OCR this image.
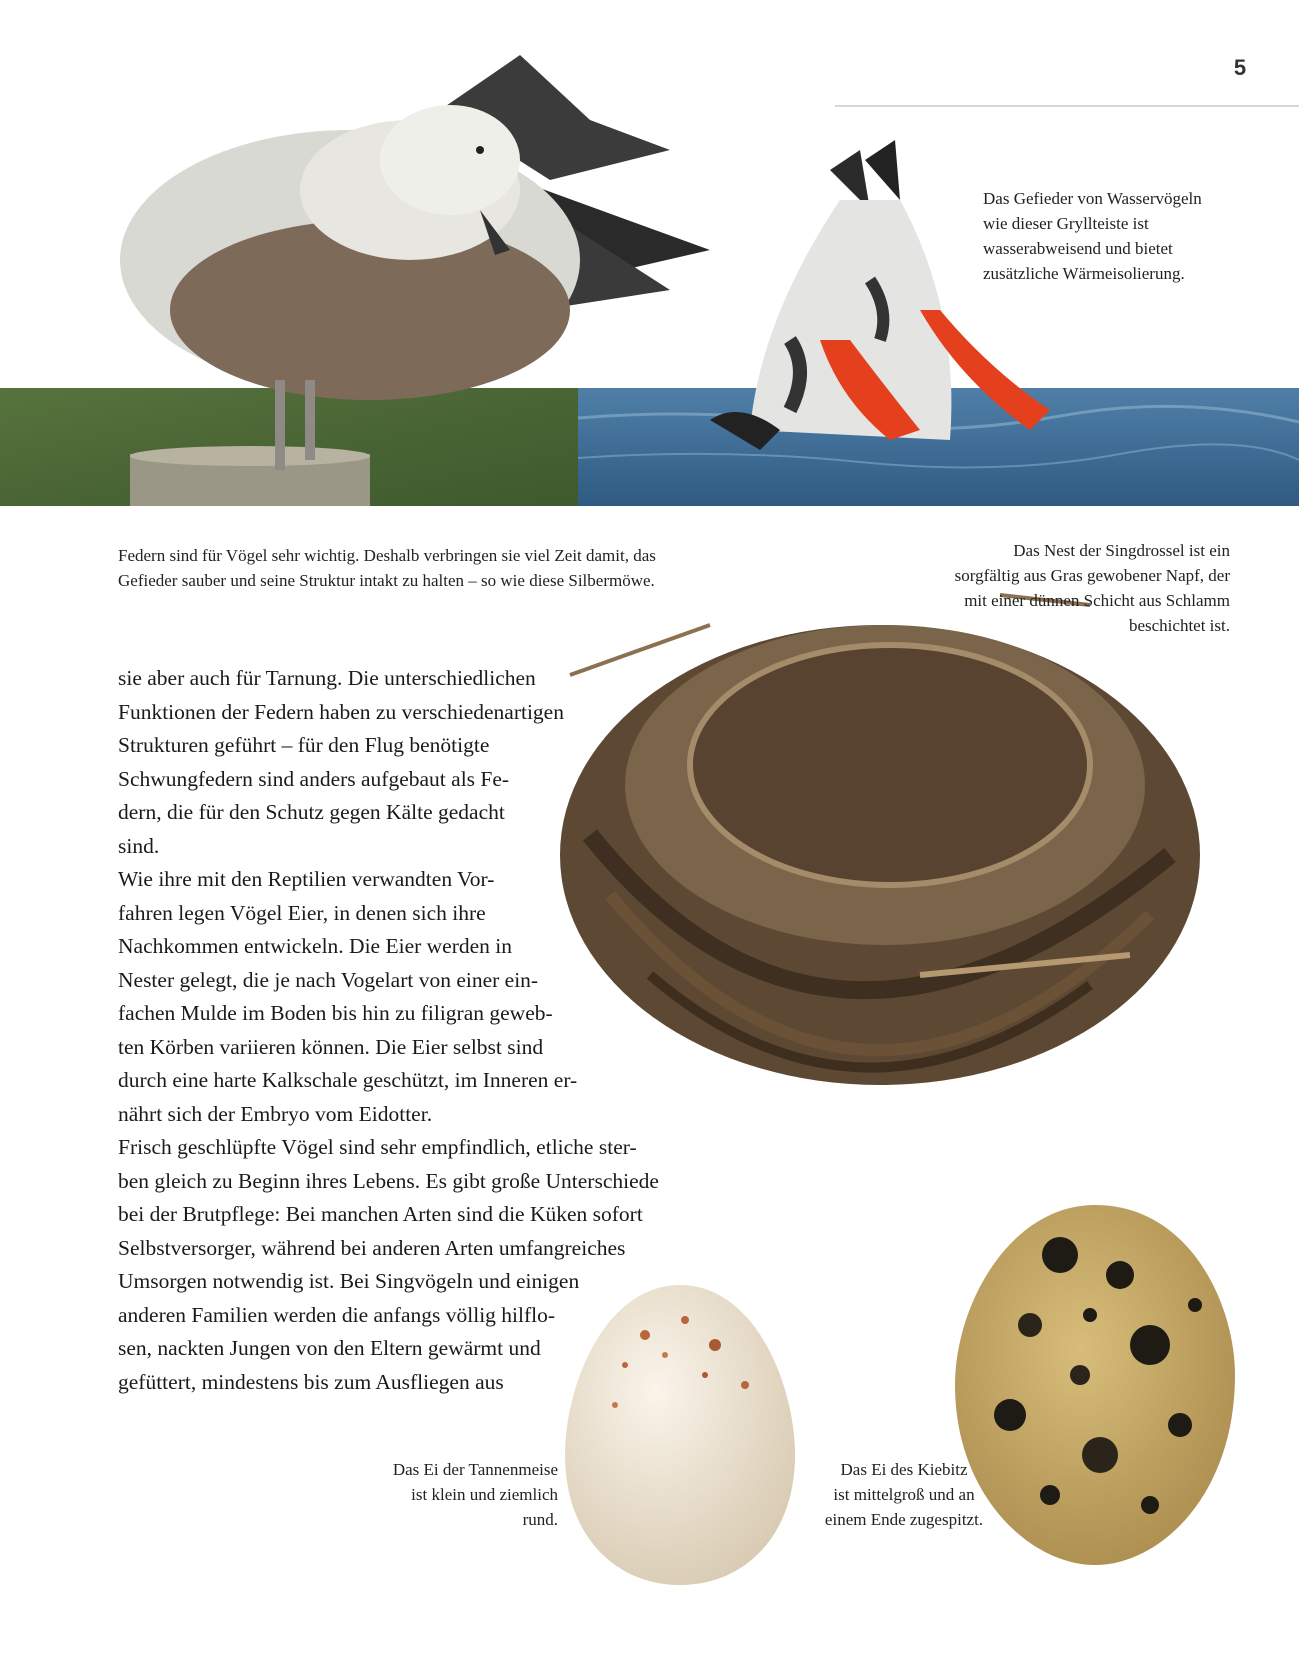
5
Federn sind für Vögel sehr wichtig. Deshalb verbringen sie viel Zeit damit, das
Gefieder sauber und seine Struktur intakt zu halten – so wie diese Silbermöwe.
Das Gefieder von Wasservögeln
wie dieser Gryllteiste ist
wasserabweisend und bietet
zusätzliche Wärmeisolierung.
Das Nest der Singdrossel ist ein
sorgfältig aus Gras gewobener Napf, der
mit einer dünnen Schicht aus Schlamm
beschichtet ist.
Das Ei der Tannenmeise
ist klein und ziemlich
rund.
Das Ei des Kiebitz
ist mittelgroß und an
einem Ende zugespitzt.
sie aber auch für Tarnung. Die unterschiedlichen
Funktionen der Federn haben zu verschiedenartigen
Strukturen geführt – für den Flug benötigte
Schwungfedern sind anders aufgebaut als Fe-
dern, die für den Schutz gegen Kälte gedacht
sind.
Wie ihre mit den Reptilien verwandten Vor-
fahren legen Vögel Eier, in denen sich ihre
Nachkommen entwickeln. Die Eier werden in
Nester gelegt, die je nach Vogelart von einer ein-
fachen Mulde im Boden bis hin zu filigran geweb-
ten Körben variieren können. Die Eier selbst sind
durch eine harte Kalkschale geschützt, im Inneren er-
nährt sich der Embryo vom Eidotter.
Frisch geschlüpfte Vögel sind sehr empfindlich, etliche ster-
ben gleich zu Beginn ihres Lebens. Es gibt große Unterschiede
bei der Brutpflege: Bei manchen Arten sind die Küken sofort
Selbstversorger, während bei anderen Arten umfangreiches
Umsorgen notwendig ist. Bei Singvögeln und einigen
anderen Familien werden die anfangs völlig hilflo-
sen, nackten Jungen von den Eltern gewärmt und
gefüttert, mindestens bis zum Ausfliegen aus
